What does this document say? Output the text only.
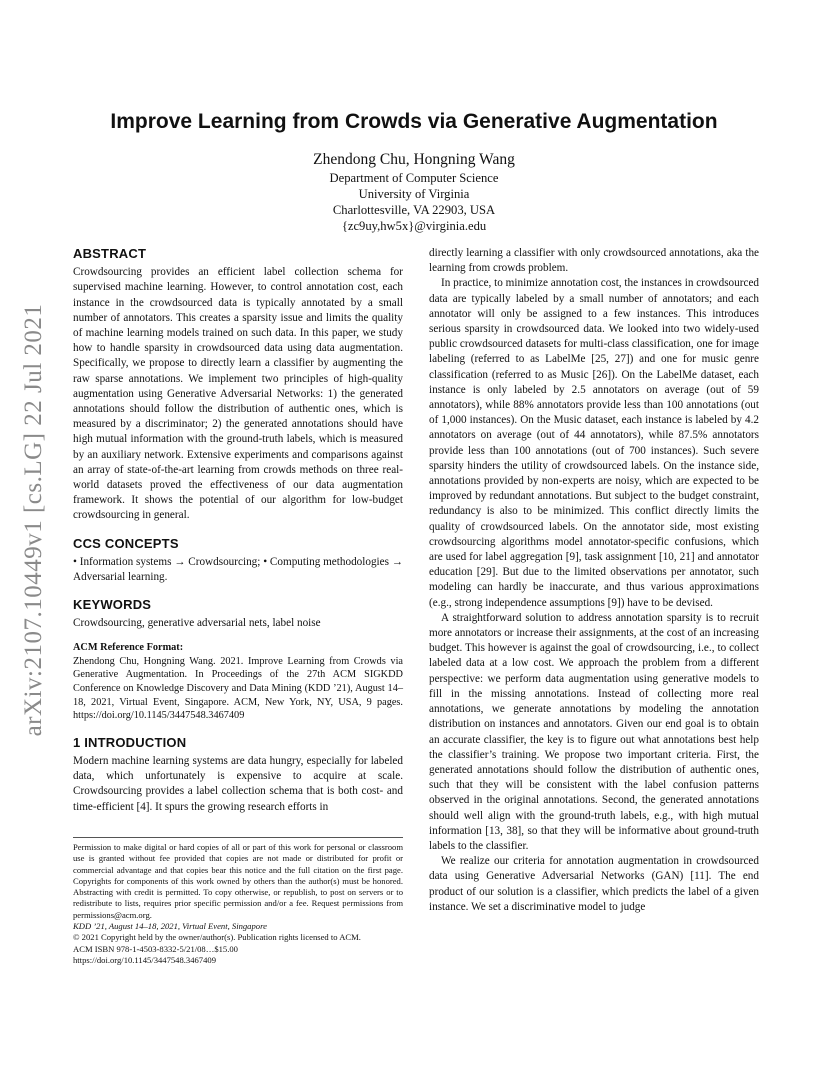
arXiv:2107.10449v1 [cs.LG] 22 Jul 2021
Improve Learning from Crowds via Generative Augmentation
Zhendong Chu, Hongning Wang
Department of Computer Science
University of Virginia
Charlottesville, VA 22903, USA
{zc9uy,hw5x}@virginia.edu
ABSTRACT

Crowdsourcing provides an efficient label collection schema for supervised machine learning. However, to control annotation cost, each instance in the crowdsourced data is typically annotated by a small number of annotators. This creates a sparsity issue and limits the quality of machine learning models trained on such data. In this paper, we study how to handle sparsity in crowdsourced data using data augmentation. Specifically, we propose to directly learn a classifier by augmenting the raw sparse annotations. We implement two principles of high-quality augmentation using Generative Adversarial Networks: 1) the generated annotations should follow the distribution of authentic ones, which is measured by a discriminator; 2) the generated annotations should have high mutual information with the ground-truth labels, which is measured by an auxiliary network. Extensive experiments and comparisons against an array of state-of-the-art learning from crowds methods on three real-world datasets proved the effectiveness of our data augmentation framework. It shows the potential of our algorithm for low-budget crowdsourcing in general.

CCS CONCEPTS

• Information systems → Crowdsourcing; • Computing methodologies → Adversarial learning.

KEYWORDS

Crowdsourcing, generative adversarial nets, label noise

ACM Reference Format:

Zhendong Chu, Hongning Wang. 2021. Improve Learning from Crowds via Generative Augmentation. In Proceedings of the 27th ACM SIGKDD Conference on Knowledge Discovery and Data Mining (KDD ’21), August 14–18, 2021, Virtual Event, Singapore. ACM, New York, NY, USA, 9 pages. https://doi.org/10.1145/3447548.3467409

1 INTRODUCTION

Modern machine learning systems are data hungry, especially for labeled data, which unfortunately is expensive to acquire at scale. Crowdsourcing provides a label collection schema that is both cost- and time-efficient [4]. It spurs the growing research efforts in

Permission to make digital or hard copies of all or part of this work for personal or classroom use is granted without fee provided that copies are not made or distributed for profit or commercial advantage and that copies bear this notice and the full citation on the first page. Copyrights for components of this work owned by others than the author(s) must be honored. Abstracting with credit is permitted. To copy otherwise, or republish, to post on servers or to redistribute to lists, requires prior specific permission and/or a fee. Request permissions from permissions@acm.org.

KDD ’21, August 14–18, 2021, Virtual Event, Singapore

© 2021 Copyright held by the owner/author(s). Publication rights licensed to ACM.

ACM ISBN 978-1-4503-8332-5/21/08…$15.00

https://doi.org/10.1145/3447548.3467409

directly learning a classifier with only crowdsourced annotations, aka the learning from crowds problem.

In practice, to minimize annotation cost, the instances in crowdsourced data are typically labeled by a small number of annotators; and each annotator will only be assigned to a few instances. This introduces serious sparsity in crowdsourced data. We looked into two widely-used public crowdsourced datasets for multi-class classification, one for image labeling (referred to as LabelMe [25, 27]) and one for music genre classification (referred to as Music [26]). On the LabelMe dataset, each instance is only labeled by 2.5 annotators on average (out of 59 annotators), while 88% annotators provide less than 100 annotations (out of 1,000 instances). On the Music dataset, each instance is labeled by 4.2 annotators on average (out of 44 annotators), while 87.5% annotators provide less than 100 annotations (out of 700 instances). Such severe sparsity hinders the utility of crowdsourced labels. On the instance side, annotations provided by non-experts are noisy, which are expected to be improved by redundant annotations. But subject to the budget constraint, redundancy is also to be minimized. This conflict directly limits the quality of crowdsourced labels. On the annotator side, most existing crowdsourcing algorithms model annotator-specific confusions, which are used for label aggregation [9], task assignment [10, 21] and annotator education [29]. But due to the limited observations per annotator, such modeling can hardly be inaccurate, and thus various approximations (e.g., strong independence assumptions [9]) have to be devised.

A straightforward solution to address annotation sparsity is to recruit more annotators or increase their assignments, at the cost of an increasing budget. This however is against the goal of crowdsourcing, i.e., to collect labeled data at a low cost. We approach the problem from a different perspective: we perform data augmentation using generative models to fill in the missing annotations. Instead of collecting more real annotations, we generate annotations by modeling the annotation distribution on instances and annotators. Given our end goal is to obtain an accurate classifier, the key is to figure out what annotations best help the classifier’s training. We propose two important criteria. First, the generated annotations should follow the distribution of authentic ones, such that they will be consistent with the label confusion patterns observed in the original annotations. Second, the generated annotations should well align with the ground-truth labels, e.g., with high mutual information [13, 38], so that they will be informative about ground-truth labels to the classifier.

We realize our criteria for annotation augmentation in crowdsourced data using Generative Adversarial Networks (GAN) [11]. The end product of our solution is a classifier, which predicts the label of a given instance. We set a discriminative model to judge
